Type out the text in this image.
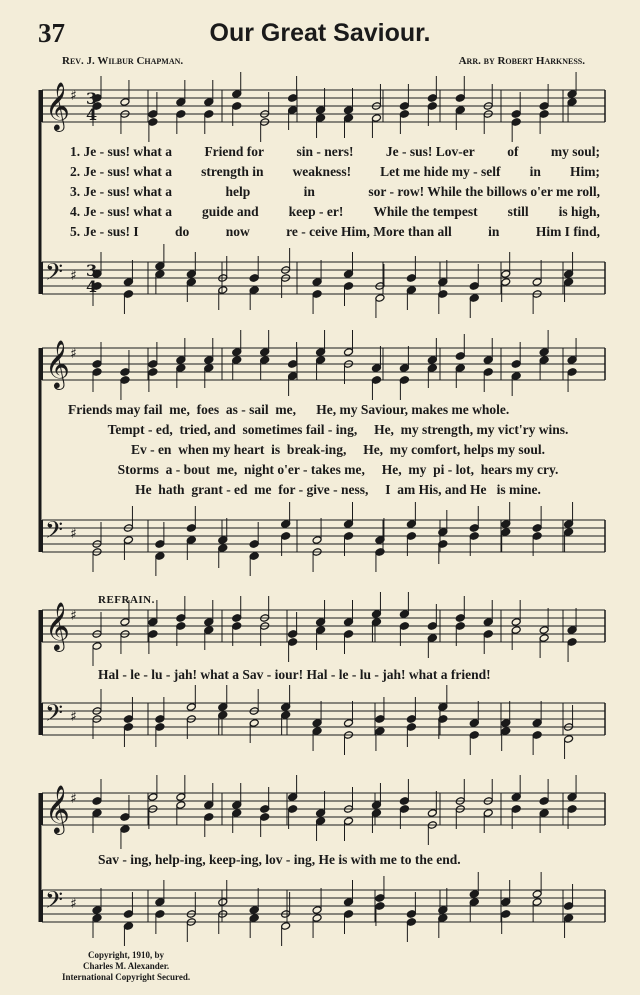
37	Our Great Saviour.
Rev. J. Wilbur Chapman.	Arr. by Robert Harkness.
𝄞 ♯
𝄢 ♯
𝄞 ♯
𝄢 ♯
𝄞 ♯
𝄢 ♯
𝄞 ♯
𝄢 ♯
3
4
3
4
1. Je - sus! what a Friend for sin - ners! Je - sus! Lov-er of my soul;
2. Je - sus! what a strength in weakness! Let me hide my - self in Him;
3. Je - sus! what a	help	in	sor - row! While the billows o'er me roll,
4. Je - sus! what a guide and keep - er! While the tempest still is high,
5. Je - sus! I	do	now	re - ceive Him, More than all	in	Him I find,
Friends may fail  me,  foes  as - sail  me,      He, my Saviour, makes me whole.
Tempt - ed,  tried, and  sometimes fail - ing,     He,  my strength, my vict'ry wins.
Ev - en  when my heart  is  break-ing,     He,  my comfort, helps my soul.
Storms  a - bout  me,  night o'er - takes me,     He,  my  pi - lot,  hears my cry.
He  hath  grant - ed  me  for - give - ness,     I  am His, and He   is mine.
REFRAIN.
Hal - le - lu - jah! what a Sav - iour! Hal - le - lu - jah! what a friend!
Sav - ing, help-ing, keep-ing, lov - ing, He is with me to the end.
Copyright, 1910, by
Charles M. Alexander.
International Copyright Secured.
